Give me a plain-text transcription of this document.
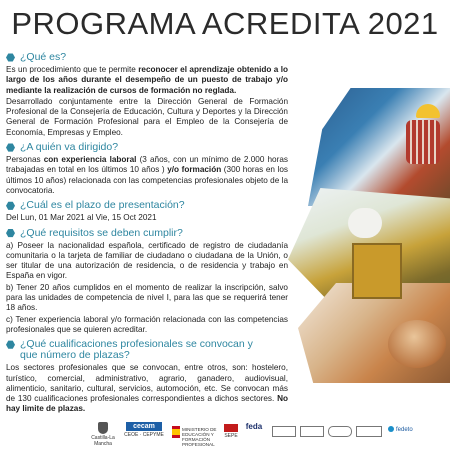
PROGRAMA ACREDITA 2021
¿Qué es?

Es un procedimiento que te permite reconocer el aprendizaje obtenido a lo largo de los años durante el desempeño de un puesto de trabajo y/o mediante la realización de cursos de formación no reglada.

Desarrollado conjuntamente entre la Dirección General de Formación Profesional de la Consejería de Educación, Cultura y Deportes y la Dirección General de Formación Profesional para el Empleo de la Consejería de Economía, Empresas y Empleo.

¿A quién va dirigido?

Personas con experiencia laboral (3 años, con un mínimo de 2.000 horas trabajadas en total en los últimos 10 años ) y/o formación (300 horas en los últimos 10 años) relacionada con las competencias profesionales objeto de la convocatoria.

¿Cuál es el plazo de presentación?

Del Lun, 01 Mar 2021 al Vie, 15 Oct 2021

¿Qué requisitos se deben cumplir?

a) Poseer la nacionalidad española, certificado de registro de ciudadanía comunitaria o la tarjeta de familiar de ciudadano o ciudadana de la Unión, o ser titular de una autorización de residencia, o de residencia y trabajo en España en vigor.

b) Tener 20 años cumplidos en el momento de realizar la inscripción, salvo para las unidades de competencia de nivel I, para las que se requerirá tener 18 años.

c) Tener experiencia laboral y/o formación relacionada con las competencias profesionales que se quieren acreditar.

¿Qué cualificaciones profesionales se convocan y
que número de plazas?

Los sectores profesionales que se convocan, entre otros, son: hostelero, turístico, comercial, administrativo, agrario, ganadero, audiovisual, alimenticio, sanitario, cultural, servicios, automoción, etc. Se convocan más de 130 cualificaciones profesionales correspondientes a dichos sectores. No hay limite de plazas.

Castilla-La Mancha
cecam
CEOE · CEPYME
MINISTERIO DE EDUCACIÓN Y FORMACIÓN PROFESIONAL
SEPE
feda	fedeto
